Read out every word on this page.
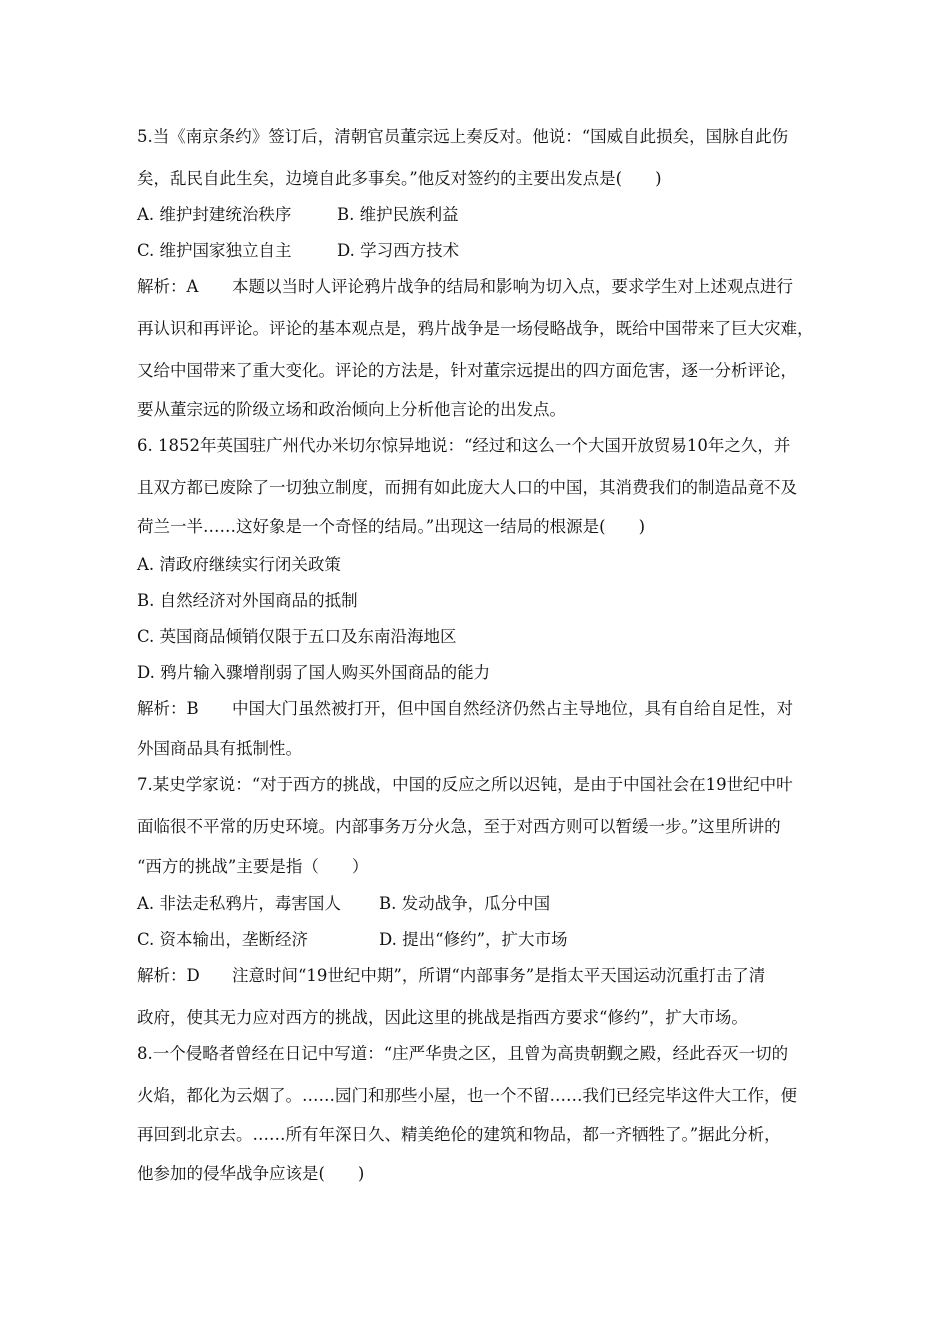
5.当《南京条约》签订后，清朝官员董宗远上奏反对。他说：“国威自此损矣，国脉自此伤
矣，乱民自此生矣，边境自此多事矣。”他反对签约的主要出发点是(　　)
A. 维护封建统治秩序	B. 维护民族利益
C. 维护国家独立自主	D. 学习西方技术
解析：A 本题以当时人评论鸦片战争的结局和影响为切入点，要求学生对上述观点进行
再认识和再评论。评论的基本观点是，鸦片战争是一场侵略战争，既给中国带来了巨大灾难，
又给中国带来了重大变化。评论的方法是，针对董宗远提出的四方面危害，逐一分析评论，
要从董宗远的阶级立场和政治倾向上分析他言论的出发点。
6. 1852年英国驻广州代办米切尔惊异地说：“经过和这么一个大国开放贸易10年之久，并
且双方都已废除了一切独立制度，而拥有如此庞大人口的中国，其消费我们的制造品竟不及
荷兰一半……这好象是一个奇怪的结局。”出现这一结局的根源是(　　)
A. 清政府继续实行闭关政策
B. 自然经济对外国商品的抵制
C. 英国商品倾销仅限于五口及东南沿海地区
D. 鸦片输入骤增削弱了国人购买外国商品的能力
解析：B 中国大门虽然被打开，但中国自然经济仍然占主导地位，具有自给自足性，对
外国商品具有抵制性。
7.某史学家说：“对于西方的挑战，中国的反应之所以迟钝，是由于中国社会在19世纪中叶
面临很不平常的历史环境。内部事务万分火急，至于对西方则可以暂缓一步。”这里所讲的
“西方的挑战”主要是指（　　）
A. 非法走私鸦片，毒害国人 B. 发动战争，瓜分中国
C. 资本输出，垄断经济	D. 提出“修约”，扩大市场
解析：D 注意时间“19世纪中期”，所谓“内部事务”是指太平天国运动沉重打击了清
政府，使其无力应对西方的挑战，因此这里的挑战是指西方要求“修约”，扩大市场。
8.一个侵略者曾经在日记中写道：“庄严华贵之区，且曾为高贵朝觐之殿，经此吞灭一切的
火焰，都化为云烟了。……园门和那些小屋，也一个不留……我们已经完毕这件大工作，便
再回到北京去。……所有年深日久、精美绝伦的建筑和物品，都一齐牺牲了。”据此分析，
他参加的侵华战争应该是(　　)
